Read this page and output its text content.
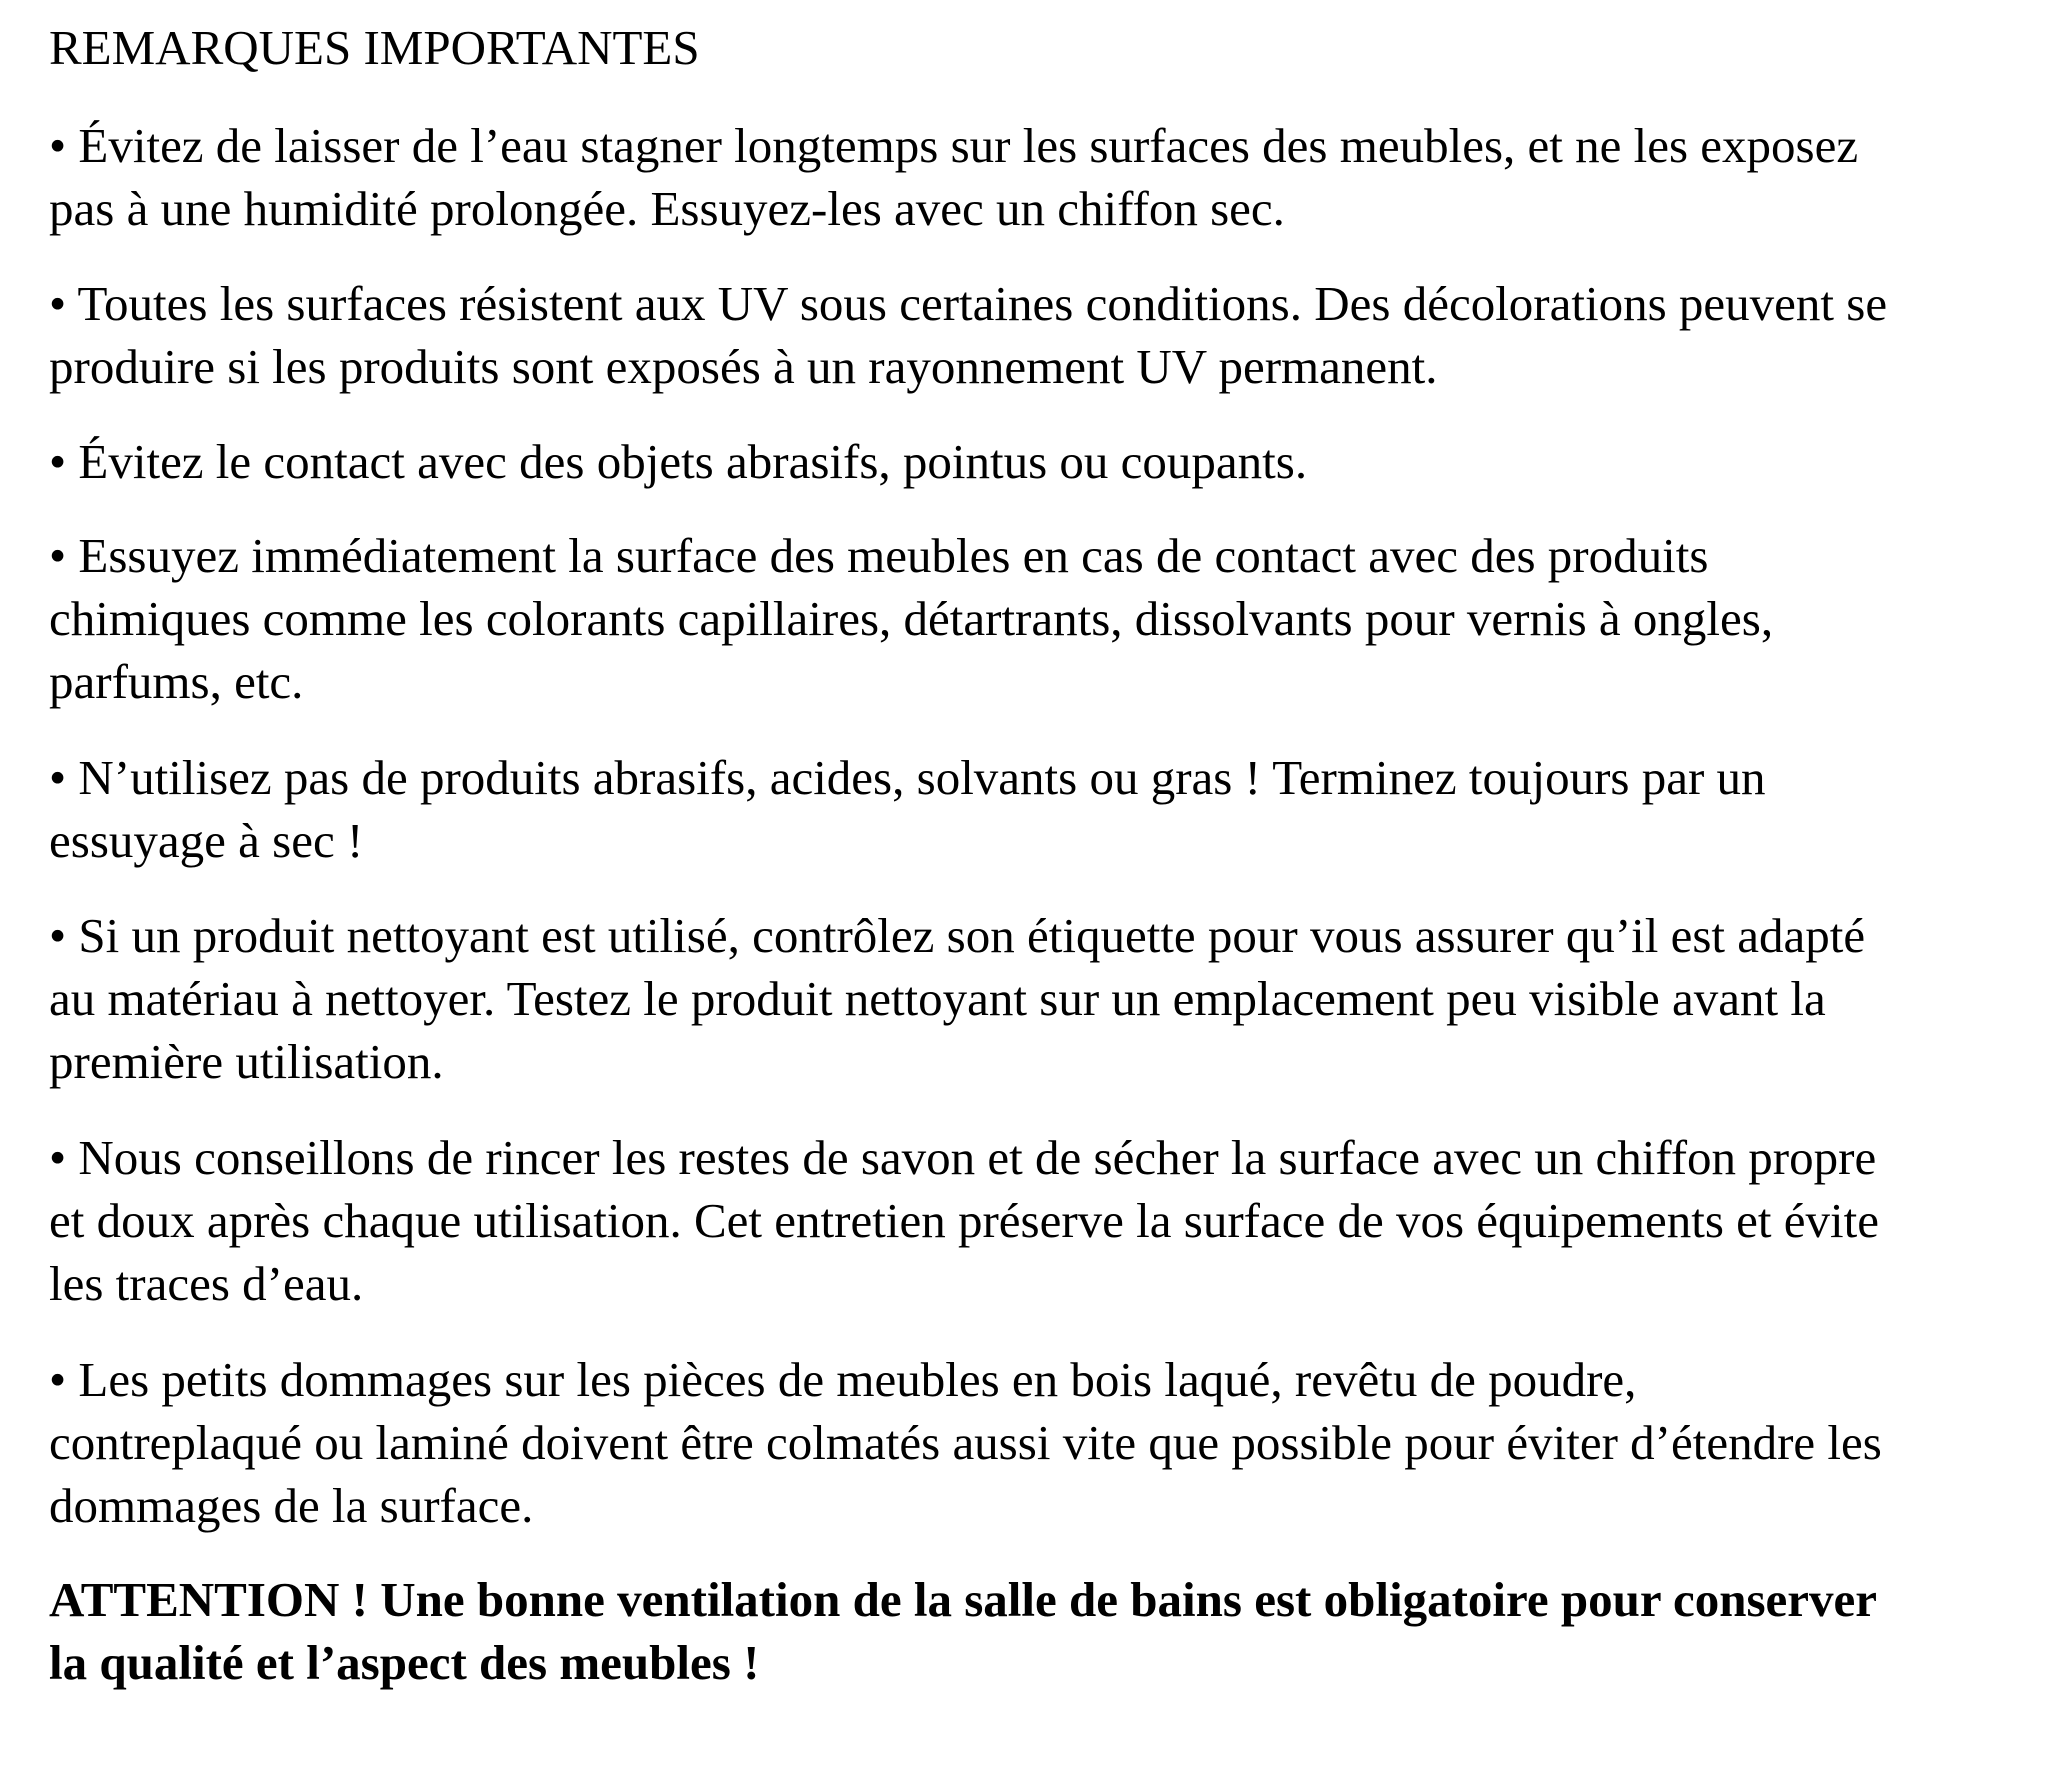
REMARQUES IMPORTANTES

• Évitez de laisser de l’eau stagner longtemps sur les surfaces des meubles, et ne les exposez
pas à une humidité prolongée. Essuyez-les avec un chiffon sec.

• Toutes les surfaces résistent aux UV sous certaines conditions. Des décolorations peuvent se
produire si les produits sont exposés à un rayonnement UV permanent.

• Évitez le contact avec des objets abrasifs, pointus ou coupants.

• Essuyez immédiatement la surface des meubles en cas de contact avec des produits
chimiques comme les colorants capillaires, détartrants, dissolvants pour vernis à ongles,
parfums, etc.

• N’utilisez pas de produits abrasifs, acides, solvants ou gras ! Terminez toujours par un
essuyage à sec !

• Si un produit nettoyant est utilisé, contrôlez son étiquette pour vous assurer qu’il est adapté
au matériau à nettoyer. Testez le produit nettoyant sur un emplacement peu visible avant la
première utilisation.

• Nous conseillons de rincer les restes de savon et de sécher la surface avec un chiffon propre
et doux après chaque utilisation. Cet entretien préserve la surface de vos équipements et évite
les traces d’eau.

• Les petits dommages sur les pièces de meubles en bois laqué, revêtu de poudre,
contreplaqué ou laminé doivent être colmatés aussi vite que possible pour éviter d’étendre les
dommages de la surface.

ATTENTION ! Une bonne ventilation de la salle de bains est obligatoire pour conserver
la qualité et l’aspect des meubles !
